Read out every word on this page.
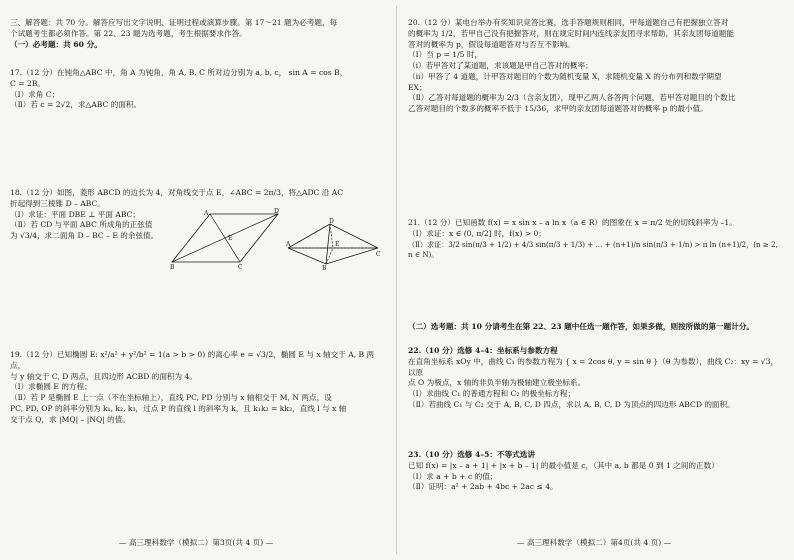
三、解答题：共 70 分。解答应写出文字说明、证明过程或演算步骤。第 17～21 题为必考题，每

个试题考生都必须作答。第 22、23 题为选考题，考生根据要求作答。

（一）必考题：共 60 分。

17.（12 分）在钝角△ABC 中，角 A 为钝角，角 A, B, C 所对边分别为 a, b, c， sin A = cos B，

C = 2B。

（Ⅰ）求角 C；

（Ⅱ）若 c = 2√2，求△ABC 的面积。

18.（12 分）如图，菱形 ABCD 的边长为 4，对角线交于点 E，∠ABC = 2π/3，将△ADC 沿 AC

折起得到三棱锥 D – ABC。

（Ⅰ）求证：平面 DBE ⊥ 平面 ABC；

（Ⅱ）若 CD 与平面 ABC 所成角的正弦值

为 √3/4，求二面角 D – BC – E 的余弦值。

A
B	C
D
E
A
B
C
D
E

19.（12 分）已知椭圆 E: x²/a² + y²/b² = 1(a > b > 0) 的离心率 e = √3/2，椭圆 E 与 x 轴交于 A, B 两点，

与 y 轴交于 C, D 两点，且四边形 ACBD 的面积为 4。

（Ⅰ）求椭圆 E 的方程；

（Ⅱ）若 P 是椭圆 E 上一点（不在坐标轴上），直线 PC, PD 分别与 x 轴相交于 M, N 两点，设

PC, PD, OP 的斜率分别为 k₁, k₂, k₃，过点 P 的直线 l 的斜率为 k，且 k₁k₂ = kk₃，直线 l 与 x 轴

交于点 Q，求 |MQ| – |NQ| 的值。

— 高三理科数学（模拟二）第3页(共 4 页) —

20.（12 分）某电台举办有奖知识竞答比赛，选手答题规则相同，甲每道题自己有把握独立答对

的概率为 1/2，若甲自己没有把握答对，则在规定时间内连线亲友团寻求帮助，其亲友团每道题能

答对的概率为 p，假设每道题答对与否互不影响。

（Ⅰ）当 p = 1/5 时，

（i）若甲答对了某道题，求该题是甲自己答对的概率；

（ii）甲答了 4 道题，计甲答对题目的个数为随机变量 X，求随机变量 X 的分布列和数学期望

EX；

（Ⅱ）乙答对每道题的概率为 2/3（含亲友团），现甲乙两人各答两个问题，若甲答对题目的个数比

乙答对题目的个数多的概率不低于 15/36，求甲的亲友团每道题答对的概率 p 的最小值。

21.（12 分）已知函数 f(x) = x sin x – a ln x（a ∈ R）的图象在 x = π/2 处的切线斜率为 –1。

（Ⅰ）求证：x ∈ (0, π/2] 时，f(x) > 0；

（Ⅱ）求证：3/2 sin(π/3 + 1/2) + 4/3 sin(π/3 + 1/3) + … + (n+1)/n sin(π/3 + 1/n) > π ln (n+1)/2，(n ≥ 2, n ∈ N)。

（二）选考题：共 10 分请考生在第 22、23 题中任选一题作答，如果多做，则按所做的第一题计分。

22.（10 分）选修 4–4：坐标系与参数方程

在直角坐标系 xOy 中，曲线 C₁ 的参数方程为 { x = 2cos θ, y = sin θ }（θ 为参数），曲线 C₂：xy = √3，以原

点 O 为极点，x 轴的非负半轴为极轴建立极坐标系。

（Ⅰ）求曲线 C₁ 的普通方程和 C₂ 的极坐标方程；

（Ⅱ）若曲线 C₁ 与 C₂ 交于 A, B, C, D 四点，求以 A, B, C, D 为顶点的四边形 ABCD 的面积。

23.（10 分）选修 4–5：不等式选讲

已知 f(x) = |x – a + 1| + |x + b – 1| 的最小值是 c，（其中 a, b 都是 0 到 1 之间的正数）

（Ⅰ）求 a + b + c 的值；

（Ⅱ）证明：a² + 2ab + 4bc + 2ac ≤ 4。

— 高三理科数学（模拟二）第4页(共 4 页) —
